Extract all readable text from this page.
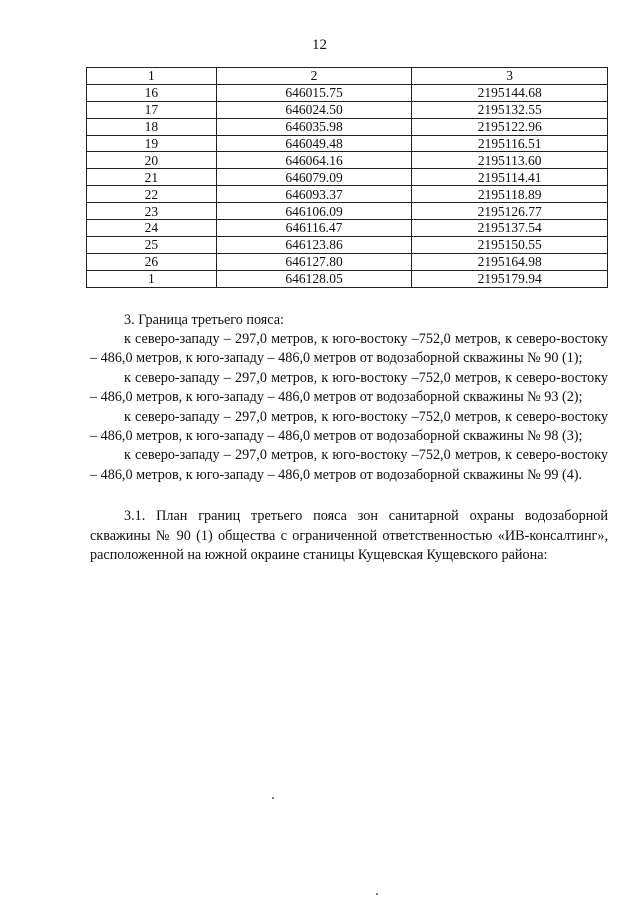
12
1	2	3
16	646015.75	2195144.68
17	646024.50	2195132.55
18	646035.98	2195122.96
19	646049.48	2195116.51
20	646064.16	2195113.60
21	646079.09	2195114.41
22	646093.37	2195118.89
23	646106.09	2195126.77
24	646116.47	2195137.54
25	646123.86	2195150.55
26	646127.80	2195164.98
1	646128.05	2195179.94
3. Граница третьего пояса:

к северо-западу – 297,0 метров, к юго-востоку –752,0 метров, к северо-востоку – 486,0 метров, к юго-западу – 486,0 метров от водозаборной скважины № 90 (1);

к северо-западу – 297,0 метров, к юго-востоку –752,0 метров, к северо-востоку – 486,0 метров, к юго-западу – 486,0 метров от водозаборной скважины № 93 (2);

к северо-западу – 297,0 метров, к юго-востоку –752,0 метров, к северо-востоку – 486,0 метров, к юго-западу – 486,0 метров от водозаборной скважины № 98 (3);

к северо-западу – 297,0 метров, к юго-востоку –752,0 метров, к северо-востоку – 486,0 метров, к юго-западу – 486,0 метров от водозаборной скважины № 99 (4).

3.1. План границ третьего пояса зон санитарной охраны водозаборной скважины № 90 (1) общества с ограниченной ответственностью «ИВ-консалтинг», расположенной на южной окраине станицы Кущевская Кущевского района:
